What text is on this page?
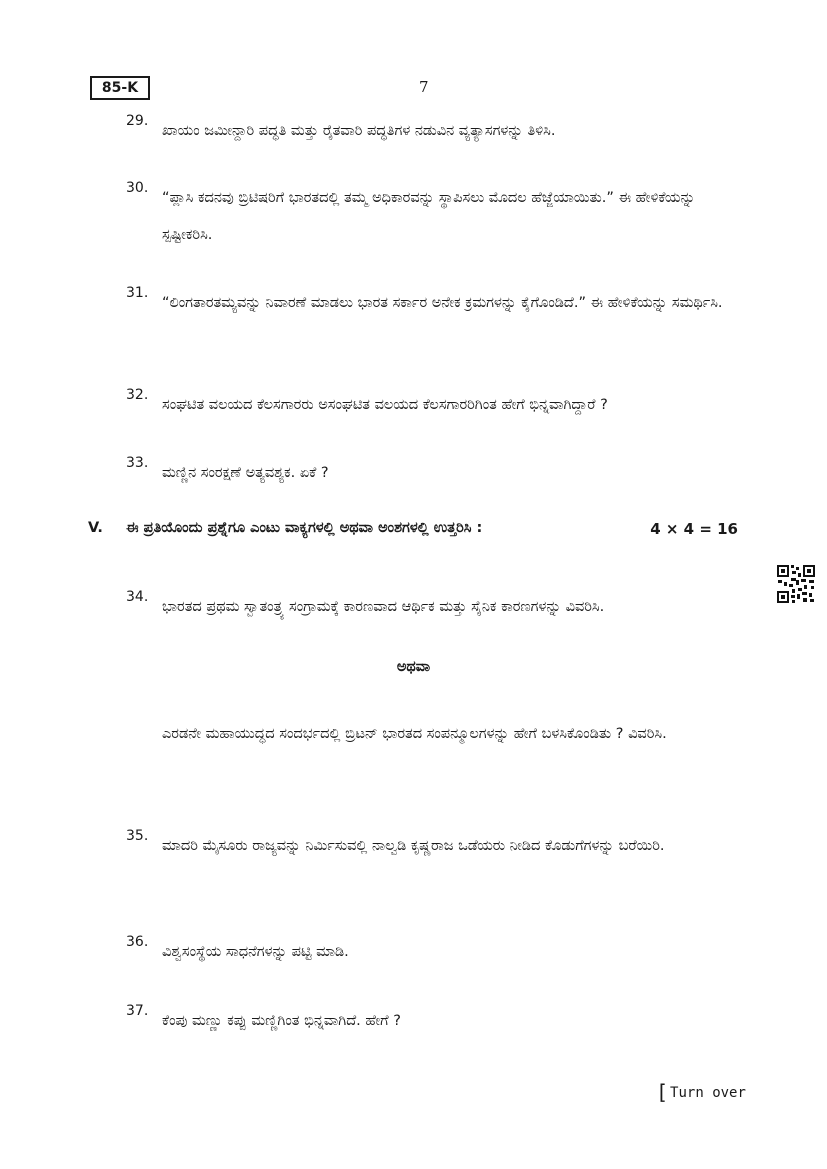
85-K	7
29.
ಖಾಯಂ ಜಮೀನ್ದಾರಿ ಪದ್ಧತಿ ಮತ್ತು ರೈತವಾರಿ ಪದ್ಧತಿಗಳ ನಡುವಿನ ವ್ಯತ್ಯಾಸಗಳನ್ನು ತಿಳಿಸಿ.
30.
“ಪ್ಲಾಸಿ ಕದನವು ಬ್ರಿಟಿಷರಿಗೆ ಭಾರತದಲ್ಲಿ ತಮ್ಮ ಅಧಿಕಾರವನ್ನು ಸ್ಥಾಪಿಸಲು ಮೊದಲ ಹೆಜ್ಜೆಯಾಯಿತು.” ಈ ಹೇಳಿಕೆಯನ್ನು ಸ್ಪಷ್ಟೀಕರಿಸಿ.
31.
“ಲಿಂಗತಾರತಮ್ಯವನ್ನು ನಿವಾರಣೆ ಮಾಡಲು ಭಾರತ ಸರ್ಕಾರ ಅನೇಕ ಕ್ರಮಗಳನ್ನು ಕೈಗೊಂಡಿದೆ.” ಈ ಹೇಳಿಕೆಯನ್ನು ಸಮರ್ಥಿಸಿ.
32.
ಸಂಘಟಿತ ವಲಯದ ಕೆಲಸಗಾರರು ಅಸಂಘಟಿತ ವಲಯದ ಕೆಲಸಗಾರರಿಗಿಂತ ಹೇಗೆ ಭಿನ್ನವಾಗಿದ್ದಾರೆ ?
33.
ಮಣ್ಣಿನ ಸಂರಕ್ಷಣೆ ಅತ್ಯವಶ್ಯಕ. ಏಕೆ ?
V. ಈ ಪ್ರತಿಯೊಂದು ಪ್ರಶ್ನೆಗೂ ಎಂಟು ವಾಕ್ಯಗಳಲ್ಲಿ ಅಥವಾ ಅಂಶಗಳಲ್ಲಿ ಉತ್ತರಿಸಿ :	4 × 4 = 16
34.
ಭಾರತದ ಪ್ರಥಮ ಸ್ವಾತಂತ್ರ್ಯ ಸಂಗ್ರಾಮಕ್ಕೆ ಕಾರಣವಾದ ಆರ್ಥಿಕ ಮತ್ತು ಸೈನಿಕ ಕಾರಣಗಳನ್ನು ವಿವರಿಸಿ.
ಅಥವಾ
ಎರಡನೇ ಮಹಾಯುದ್ಧದ ಸಂದರ್ಭದಲ್ಲಿ ಬ್ರಿಟನ್ ಭಾರತದ ಸಂಪನ್ಮೂಲಗಳನ್ನು ಹೇಗೆ ಬಳಸಿಕೊಂಡಿತು ? ವಿವರಿಸಿ.
35.
ಮಾದರಿ ಮೈಸೂರು ರಾಜ್ಯವನ್ನು ನಿರ್ಮಿಸುವಲ್ಲಿ ನಾಲ್ವಡಿ ಕೃಷ್ಣರಾಜ ಒಡೆಯರು ನೀಡಿದ ಕೊಡುಗೆಗಳನ್ನು ಬರೆಯಿರಿ.
36.
ವಿಶ್ವಸಂಸ್ಥೆಯ ಸಾಧನೆಗಳನ್ನು ಪಟ್ಟಿ ಮಾಡಿ.
37.
ಕೆಂಪು ಮಣ್ಣು ಕಪ್ಪು ಮಣ್ಣಿಗಿಂತ ಭಿನ್ನವಾಗಿದೆ. ಹೇಗೆ ?
[ Turn over
